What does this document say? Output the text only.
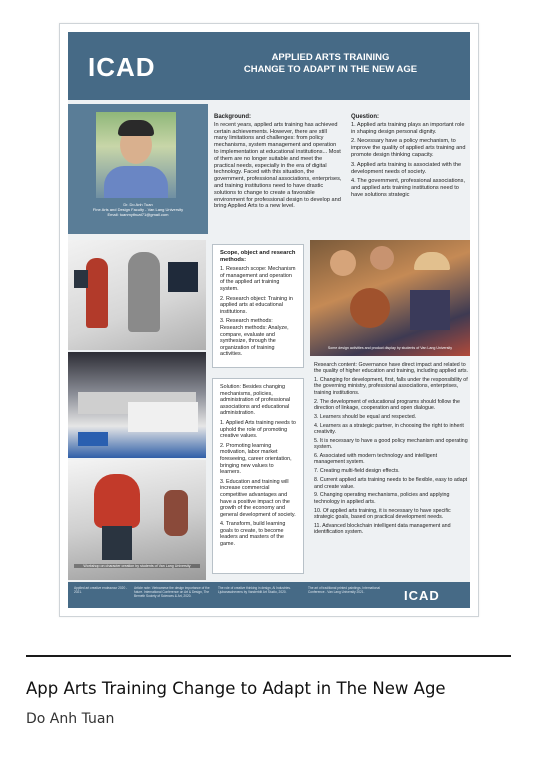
ICAD	APPLIED ARTS TRAINING
CHANGE TO ADAPT IN THE NEW AGE
Dr. Do Anh Tuan
Fine Arts and Design Faculty - Van Lang University
Email: tuanmythuat71@gmail.com
Background:

In recent years, applied arts training has achieved certain achievements. However, there are still many limitations and challenges: from policy mechanisms, system management and operation to implementation at educational institutions... Most of them are no longer suitable and meet the practical needs, especially in the era of digital technology. Faced with this situation, the government, professional associations, enterprises, and training institutions need to have drastic solutions to change to create a favorable environment for professional design to develop and bring Applied Arts to a new level.

Question:

1. Applied arts training plays an important role in shaping design personal dignity.

2. Necessary have a policy mechanism, to improve the quality of applied arts training and promote design thinking capacity.

3. Applied arts training is associated with the development needs of society.

4. The government, professional associations, and applied arts training institutions need to have solutions strategic

Workshop on character creation by students of Van Lang University
Some design activities and product display by students of Van Lang University

Scope, object and research methods:

1. Research scope: Mechanism of management and operation of the applied art training system.

2. Research object: Training in applied arts at educational institutions.

3. Research methods: Research methods: Analyze, compare, evaluate and synthesize, through the organization of training activities.

Solution: Besides changing mechanisms, policies, administration of professional associations and educational administration.

1. Applied Arts training needs to uphold the role of promoting creative values.

2. Promoting learning motivation, labor market foreseeing, career orientation, bringing new values to learners.

3. Education and training will increase commercial competitive advantages and have a positive impact on the growth of the economy and general development of society.

4. Transform, build learning goals to create, to become leaders and masters of the game.

Research content: Governance have direct impact and related to the quality of higher education and training, including applied arts.

1. Changing for development, first, falls under the responsibility of the governing ministry, professional associations, enterprises, training institutions.

2. The development of educational programs should follow the direction of linkage, cooperation and open dialogue.

3. Learners should be equal and respected.

4. Learners as a strategic partner, in choosing the right to inherit creativity.

5. It is necessary to have a good policy mechanism and operating system.

6. Associated with modern technology and intelligent management system.

7. Creating multi-field design effects.

8. Current applied arts training needs to be flexible, easy to adapt and create value.

9. Changing operating mechanisms, policies and applying technology in applied arts.

10. Of applied arts training, it is necessary to have specific strategic goals, based on practical development needs.

11. Advanced blockchain intelligent data management and identification system.

Applied art creative endeavour 2020 - 2021.
Article note: Vietnamese the design importance of the future. International Conference on Art & Design, The Berneth Society of Sciences & Art, 2020.
The role of creative thinking in design, Ai Industries. Ljubanaschevens by Vanderbilt Art Studio, 2020.
The art of traditional printed paintings, International Conference - Van Lang University 2021.	ICAD
App Arts Training Change to Adapt in The New Age
Do Anh Tuan
